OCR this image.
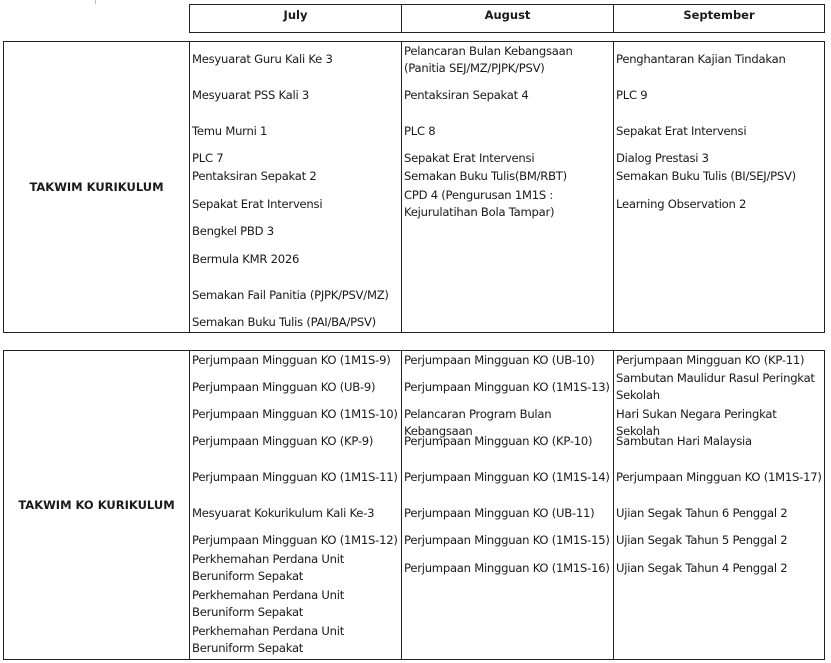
July	August	September
TAKWIM KURIKULUM
Mesyuarat Guru Kali Ke 3
Mesyuarat PSS Kali 3
Temu Murni 1
PLC 7
Pentaksiran Sepakat 2
Sepakat Erat Intervensi
Bengkel PBD 3
Bermula KMR 2026
Semakan Fail Panitia (PJPK/PSV/MZ)
Semakan Buku Tulis (PAI/BA/PSV)
Pelancaran Bulan Kebangsaan (Panitia SEJ/MZ/PJPK/PSV)
Pentaksiran Sepakat 4
PLC 8
Sepakat Erat Intervensi
Semakan Buku Tulis(BM/RBT)
CPD 4 (Pengurusan 1M1S : Kejurulatihan Bola Tampar)
Penghantaran Kajian Tindakan
PLC 9
Sepakat Erat Intervensi
Dialog Prestasi 3
Semakan Buku Tulis (BI/SEJ/PSV)
Learning Observation 2
TAKWIM KO KURIKULUM
Perjumpaan Mingguan KO (1M1S-9)
Perjumpaan Mingguan KO (UB-9)
Perjumpaan Mingguan KO (1M1S-10)
Perjumpaan Mingguan KO (KP-9)
Perjumpaan Mingguan KO (1M1S-11)
Mesyuarat Kokurikulum Kali Ke-3
Perjumpaan Mingguan KO (1M1S-12)
Perkhemahan Perdana Unit Beruniform Sepakat
Perkhemahan Perdana Unit Beruniform Sepakat
Perkhemahan Perdana Unit Beruniform Sepakat
Perjumpaan Mingguan KO (UB-10)
Perjumpaan Mingguan KO (1M1S-13)
Pelancaran Program Bulan Kebangsaan
Perjumpaan Mingguan KO (KP-10)
Perjumpaan Mingguan KO (1M1S-14)
Perjumpaan Mingguan KO (UB-11)
Perjumpaan Mingguan KO (1M1S-15)
Perjumpaan Mingguan KO (1M1S-16)
Perjumpaan Mingguan KO (KP-11)
Sambutan Maulidur Rasul Peringkat Sekolah
Hari Sukan Negara Peringkat Sekolah
Sambutan Hari Malaysia
Perjumpaan Mingguan KO (1M1S-17)
Ujian Segak Tahun 6 Penggal 2
Ujian Segak Tahun 5 Penggal 2
Ujian Segak Tahun 4 Penggal 2
